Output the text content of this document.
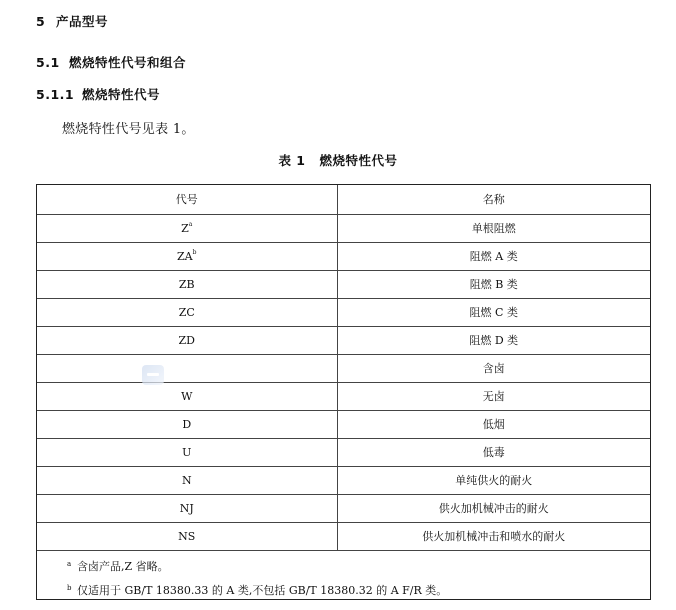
5 产品型号
5.1 燃烧特性代号和组合
5.1.1 燃烧特性代号
燃烧特性代号见表 1。
表 1 燃烧特性代号
代号	名称
$Z^a$	单根阻燃
$ZA^b$	阻燃 A 类
ZB	阻燃 B 类
ZC	阻燃 C 类
ZD	阻燃 D 类
	含卤
W	无卤
D	低烟
U	低毒
N	单纯供火的耐火
NJ	供火加机械冲击的耐火
NS	供火加机械冲击和喷水的耐火
a 含卤产品,Z 省略。
b 仅适用于 GB/T 18380.33 的 A 类,不包括 GB/T 18380.32 的 A F/R 类。
